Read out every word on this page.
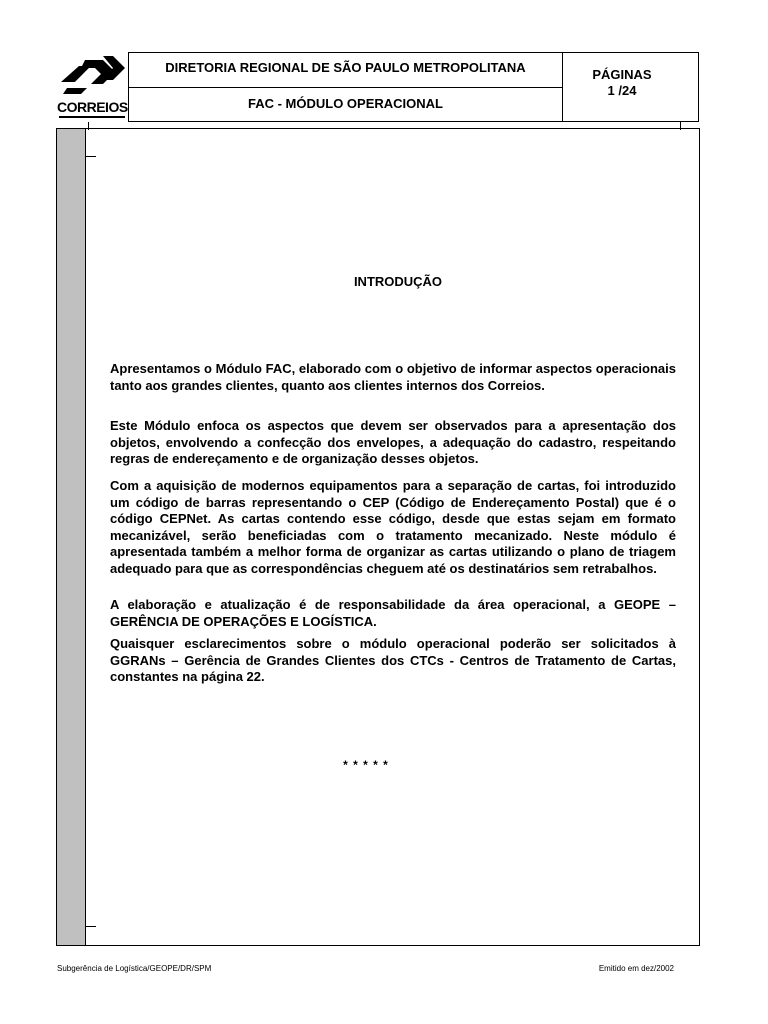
CORREIOS
DIRETORIA REGIONAL DE SÃO PAULO METROPOLITANA
FAC - MÓDULO OPERACIONAL
PÁGINAS
1 /24
INTRODUÇÃO
Apresentamos o Módulo FAC, elaborado com o objetivo de informar aspectos operacionais tanto aos grandes clientes, quanto aos clientes internos dos Correios.
Este Módulo enfoca os aspectos que devem ser observados para a apresentação dos objetos, envolvendo a confecção dos envelopes, a adequação do cadastro, respeitando regras de endereçamento e de organização desses objetos.
Com a aquisição de modernos equipamentos para a separação de cartas, foi introduzido um código de barras representando o CEP (Código de Endereçamento Postal) que é o código CEPNet. As cartas contendo esse código, desde que estas sejam em formato mecanizável, serão beneficiadas com o tratamento mecanizado. Neste módulo é apresentada também a melhor forma de organizar as cartas utilizando o plano de triagem adequado para que as correspondências cheguem até os destinatários sem retrabalhos.
A elaboração e atualização é de responsabilidade da área operacional, a GEOPE – GERÊNCIA DE OPERAÇÕES E LOGÍSTICA.
Quaisquer esclarecimentos sobre o módulo operacional poderão ser solicitados à GGRANs – Gerência de Grandes Clientes dos CTCs - Centros de Tratamento de Cartas, constantes na página 22.
* * * * *
Subgerência de Logística/GEOPE/DR/SPM	Emitido em dez/2002
